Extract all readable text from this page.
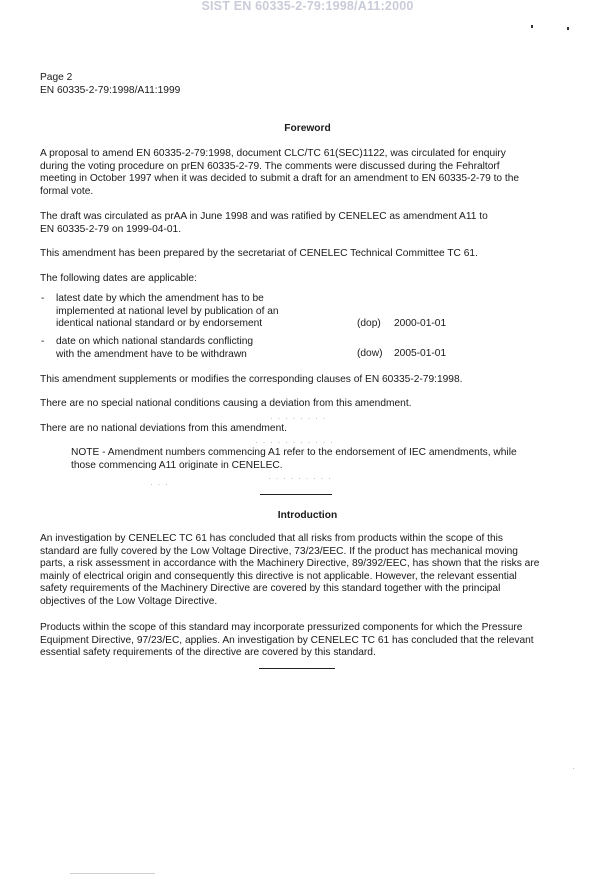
SIST EN 60335-2-79:1998/A11:2000
Page 2
EN 60335-2-79:1998/A11:1999
Foreword
A proposal to amend EN 60335-2-79:1998, document CLC/TC 61(SEC)1122, was circulated for enquiry
during the voting procedure on prEN 60335-2-79. The comments were discussed during the Fehraltorf
meeting in October 1997 when it was decided to submit a draft for an amendment to EN 60335-2-79 to the
formal vote.
The draft was circulated as prAA in June 1998 and was ratified by CENELEC as amendment A11 to
EN 60335-2-79 on 1999-04-01.
This amendment has been prepared by the secretariat of CENELEC Technical Committee TC 61.
The following dates are applicable:
- latest date by which the amendment has to be
implemented at national level by publication of an
identical national standard or by endorsement	(dop) 2000-01-01
- date on which national standards conflicting
with the amendment have to be withdrawn	(dow) 2005-01-01
This amendment supplements or modifies the corresponding clauses of EN 60335-2-79:1998.
There are no special national conditions causing a deviation from this amendment.
There are no national deviations from this amendment.
· · · · · · · ·
· · · · · · · · · · ·
· · ·
· · · · · · · · ·
NOTE - Amendment numbers commencing A1 refer to the endorsement of IEC amendments, while
those commencing A11 originate in CENELEC.
Introduction
An investigation by CENELEC TC 61 has concluded that all risks from products within the scope of this
standard are fully covered by the Low Voltage Directive, 73/23/EEC. If the product has mechanical moving
parts, a risk assessment in accordance with the Machinery Directive, 89/392/EEC, has shown that the risks are
mainly of electrical origin and consequently this directive is not applicable. However, the relevant essential
safety requirements of the Machinery Directive are covered by this standard together with the principal
objectives of the Low Voltage Directive.
Products within the scope of this standard may incorporate pressurized components for which the Pressure
Equipment Directive, 97/23/EC, applies. An investigation by CENELEC TC 61 has concluded that the relevant
essential safety requirements of the directive are covered by this standard.
·
